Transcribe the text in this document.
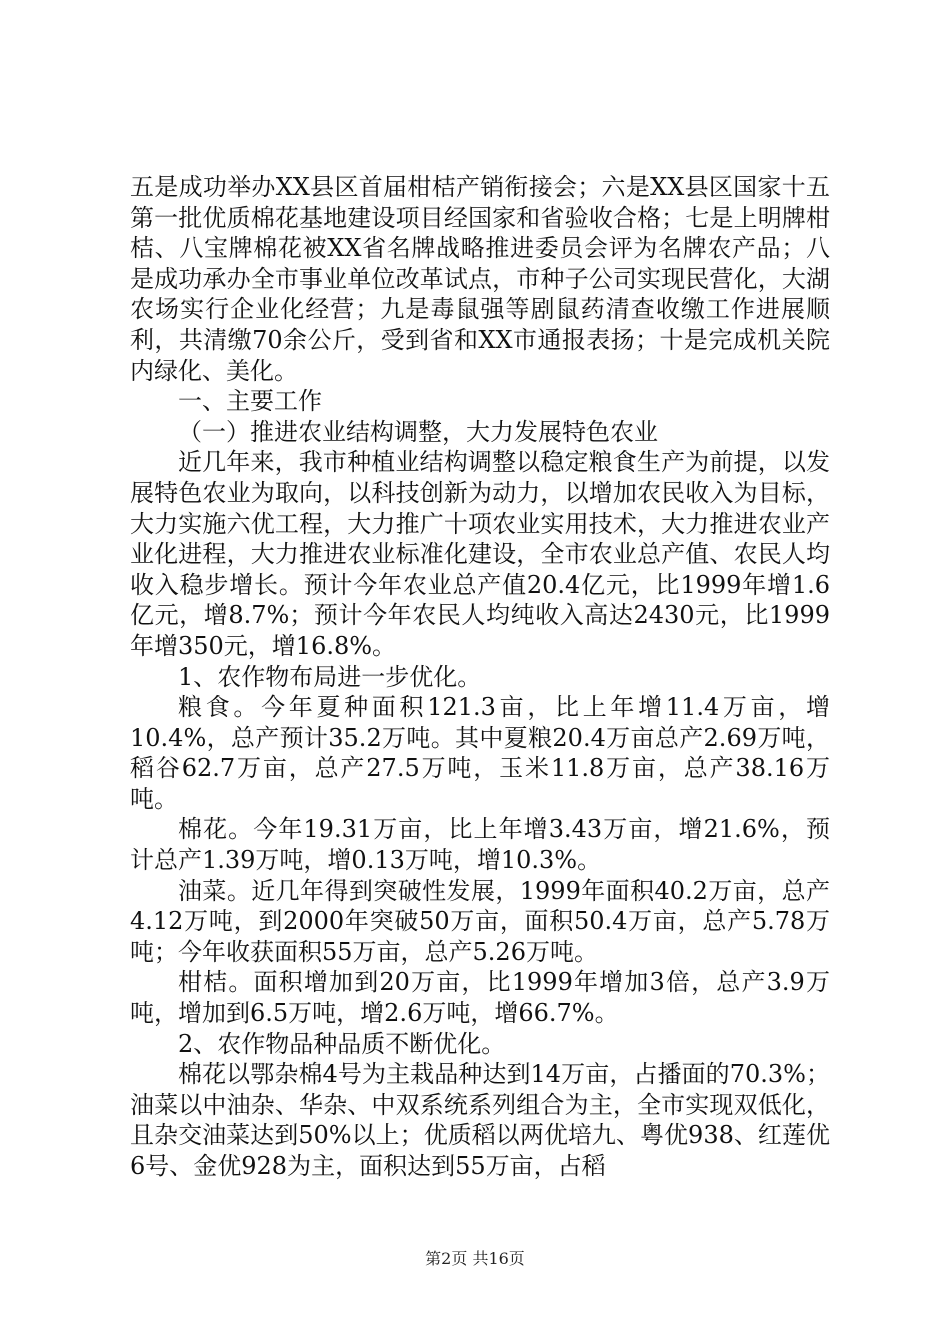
五是成功举办XX县区首届柑桔产销衔接会；六是XX县区国家十五第一批优质棉花基地建设项目经国家和省验收合格；七是上明牌柑桔、八宝牌棉花被XX省名牌战略推进委员会评为名牌农产品；八是成功承办全市事业单位改革试点，市种子公司实现民营化，大湖农场实行企业化经营；九是毒鼠强等剧鼠药清查收缴工作进展顺利，共清缴70余公斤，受到省和XX市通报表扬；十是完成机关院内绿化、美化。

一、主要工作

（一）推进农业结构调整，大力发展特色农业

近几年来，我市种植业结构调整以稳定粮食生产为前提，以发展特色农业为取向，以科技创新为动力，以增加农民收入为目标，大力实施六优工程，大力推广十项农业实用技术，大力推进农业产业化进程，大力推进农业标准化建设，全市农业总产值、农民人均收入稳步增长。预计今年农业总产值20.4亿元，比1999年增1.6亿元，增8.7%；预计今年农民人均纯收入高达2430元，比1999年增350元，增16.8%。

1、农作物布局进一步优化。

粮食。今年夏种面积121.3亩，比上年增11.4万亩，增10.4%，总产预计35.2万吨。其中夏粮20.4万亩总产2.69万吨，稻谷62.7万亩，总产27.5万吨，玉米11.8万亩，总产38.16万吨。

棉花。今年19.31万亩，比上年增3.43万亩，增21.6%，预计总产1.39万吨，增0.13万吨，增10.3%。

油菜。近几年得到突破性发展，1999年面积40.2万亩，总产4.12万吨，到2000年突破50万亩，面积50.4万亩，总产5.78万吨；今年收获面积55万亩，总产5.26万吨。

柑桔。面积增加到20万亩，比1999年增加3倍，总产3.9万吨，增加到6.5万吨，增2.6万吨，增66.7%。

2、农作物品种品质不断优化。

棉花以鄂杂棉4号为主栽品种达到14万亩，占播面的70.3%；油菜以中油杂、华杂、中双系统系列组合为主，全市实现双低化，且杂交油菜达到50%以上；优质稻以两优培九、粤优938、红莲优6号、金优928为主，面积达到55万亩，占稻

第2页 共16页
